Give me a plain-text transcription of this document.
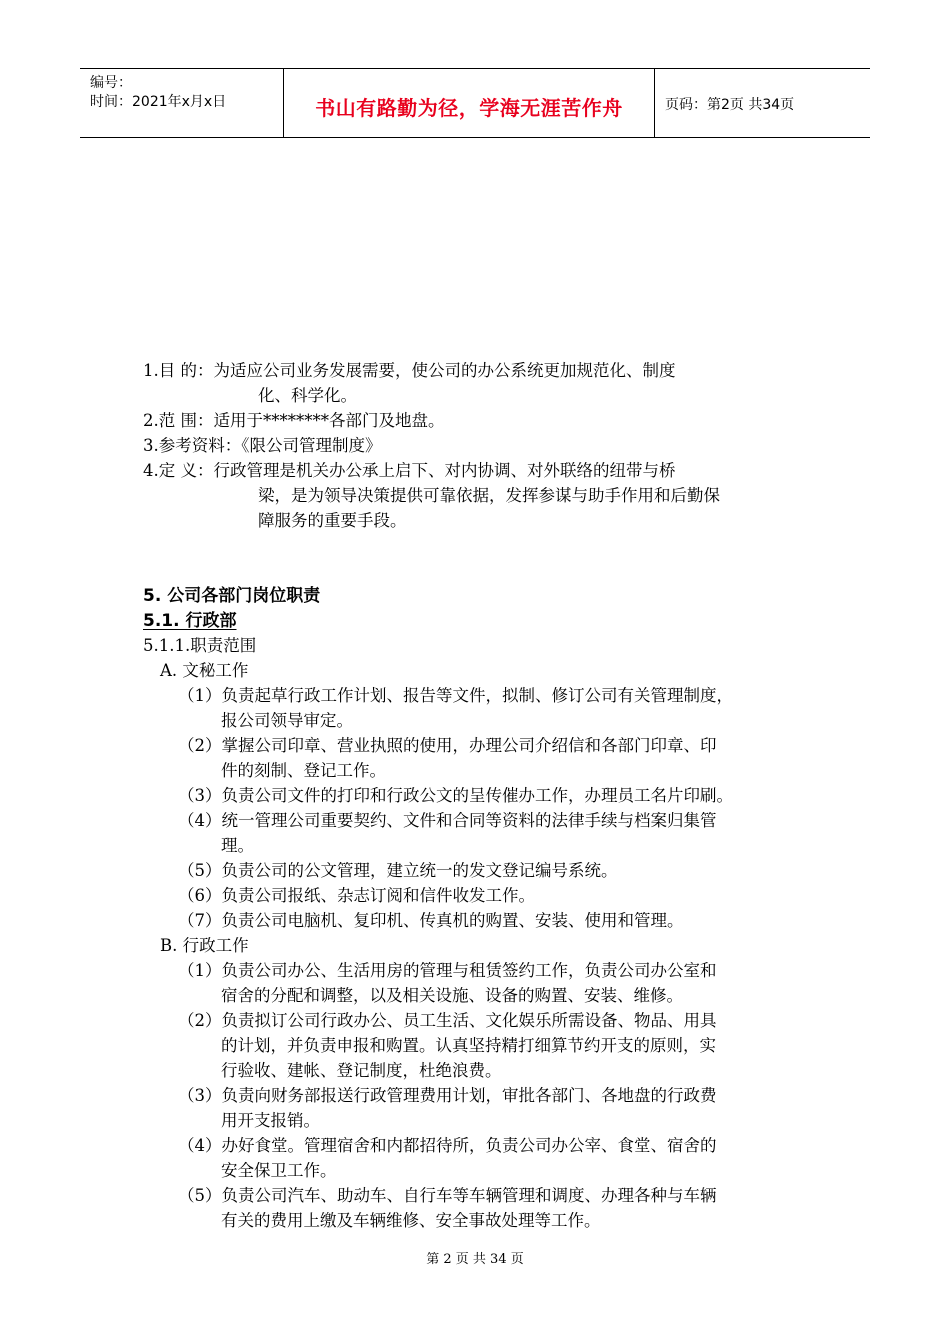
编号：
时间：2021年x月x日	书山有路勤为径，学海无涯苦作舟	页码：第2页 共34页
1.目 的：为适应公司业务发展需要，使公司的办公系统更加规范化、制度
化、科学化。
2.范 围：适用于********各部门及地盘。
3.参考资料：《限公司管理制度》
4.定 义：行政管理是机关办公承上启下、对内协调、对外联络的纽带与桥
梁，是为领导决策提供可靠依据，发挥参谋与助手作用和后勤保
障服务的重要手段。
5. 公司各部门岗位职责
5.1. 行政部
5.1.1.职责范围
A. 文秘工作
（1）负责起草行政工作计划、报告等文件，拟制、修订公司有关管理制度，
报公司领导审定。
（2）掌握公司印章、营业执照的使用，办理公司介绍信和各部门印章、印
件的刻制、登记工作。
（3）负责公司文件的打印和行政公文的呈传催办工作，办理员工名片印刷。
（4）统一管理公司重要契约、文件和合同等资料的法律手续与档案归集管
理。
（5）负责公司的公文管理，建立统一的发文登记编号系统。
（6）负责公司报纸、杂志订阅和信件收发工作。
（7）负责公司电脑机、复印机、传真机的购置、安装、使用和管理。
B. 行政工作
（1）负责公司办公、生活用房的管理与租赁签约工作，负责公司办公室和
宿舍的分配和调整，以及相关设施、设备的购置、安装、维修。
（2）负责拟订公司行政办公、员工生活、文化娱乐所需设备、物品、用具
的计划，并负责申报和购置。认真坚持精打细算节约开支的原则，实
行验收、建帐、登记制度，杜绝浪费。
（3）负责向财务部报送行政管理费用计划，审批各部门、各地盘的行政费
用开支报销。
（4）办好食堂。管理宿舍和内都招待所，负责公司办公宰、食堂、宿舍的
安全保卫工作。
（5）负责公司汽车、助动车、自行车等车辆管理和调度、办理各种与车辆
有关的费用上缴及车辆维修、安全事故处理等工作。
第 2 页 共 34 页
